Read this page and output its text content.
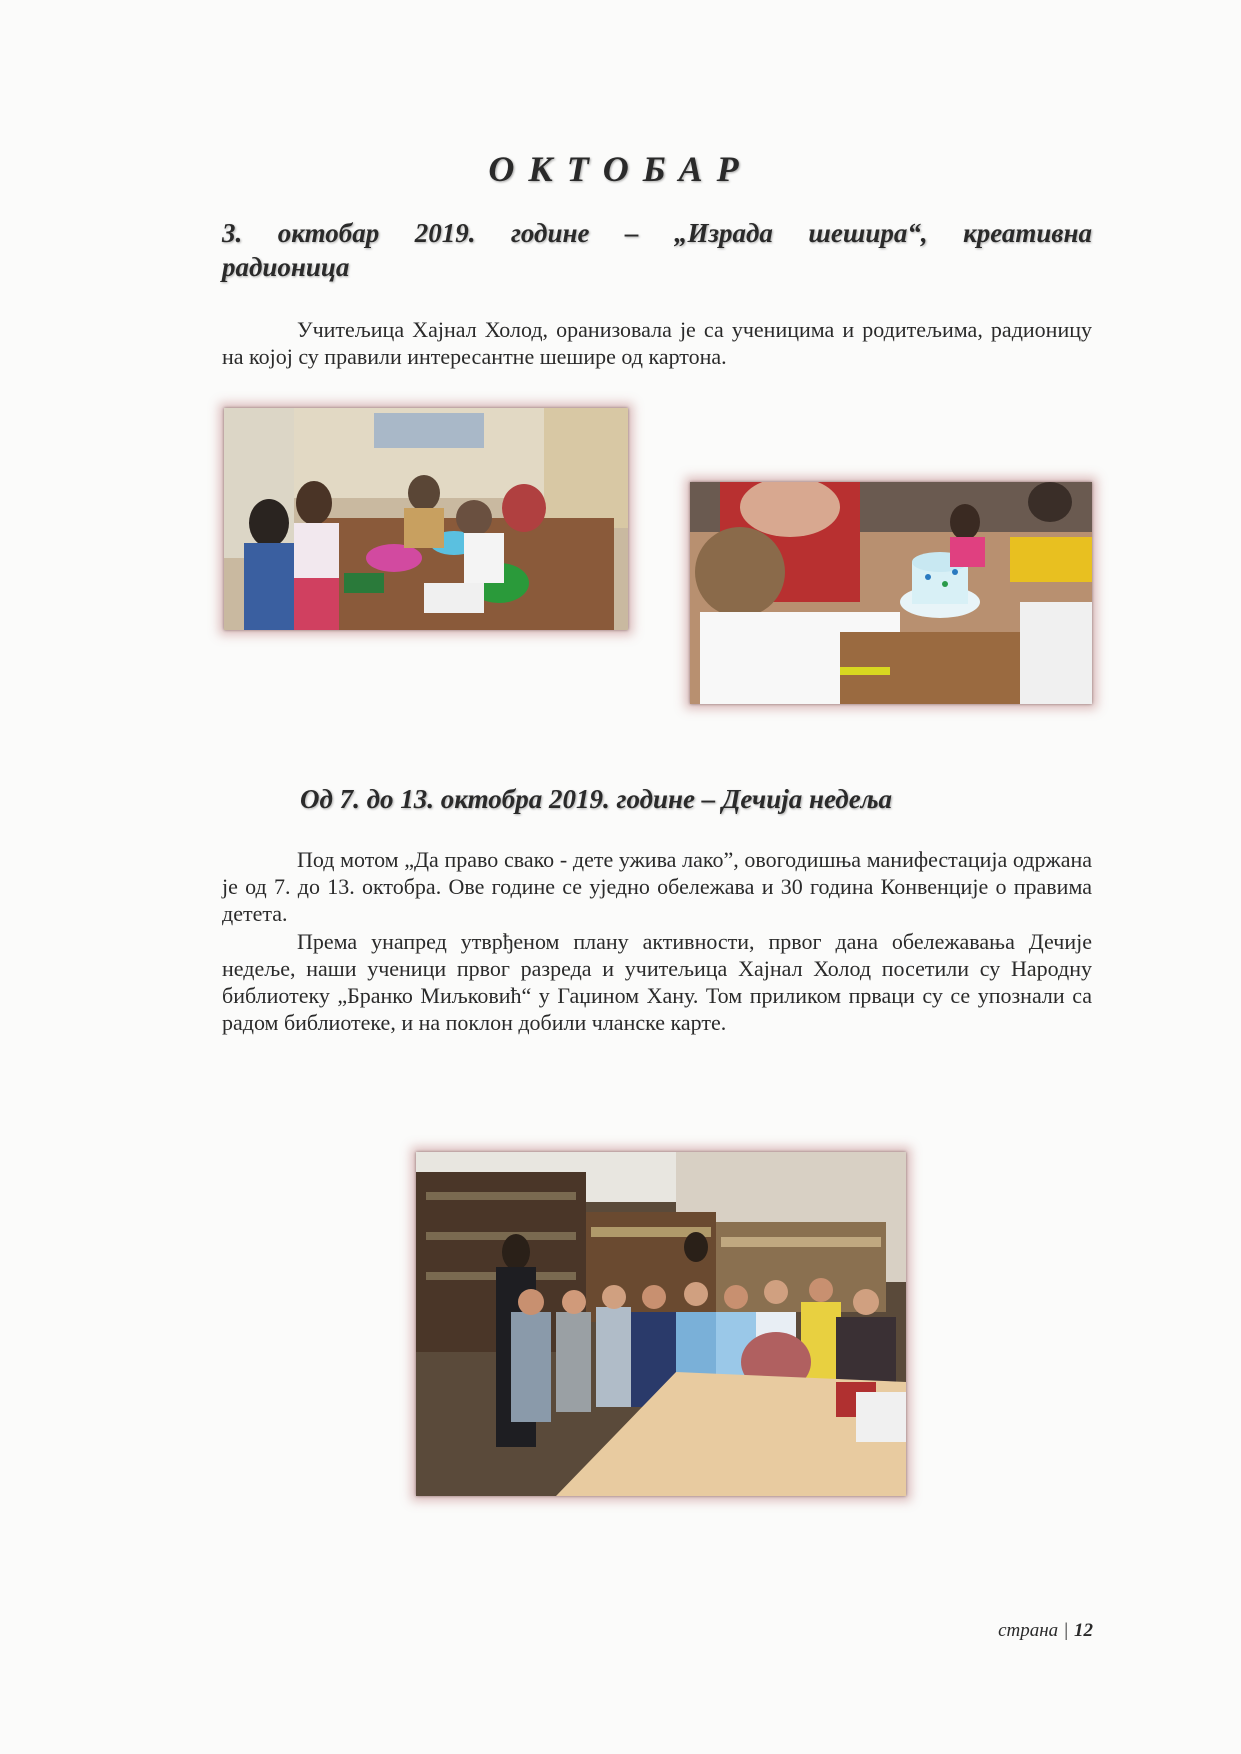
ОКТОБАР
3. октобар 2019. године – „Израда шешира“, креативна
радионица
Учитељица Хајнал Холод, оранизовала је са ученицима и родитељима, радионицу на којој су правили интересантне шешире од картона.
Од 7. до 13. октобра 2019. године – Дечија недеља
Под мотом „Да право свако - дете ужива лако”, овогодишња манифестација одржана је од 7. до 13. октобра. Ове године се уједно обележава и 30 година Конвенције о правима детета.
Према унапред утврђеном плану активности, првог дана обележавања Дечије недеље, наши ученици првог разреда и учитељица Хајнал Холод посетили су Народну библиотеку „Бранко Миљковић“ у Гаџином Хану. Том приликом прваци су се упознали са радом библиотеке, и на поклон добили чланске карте.
страна | 12
